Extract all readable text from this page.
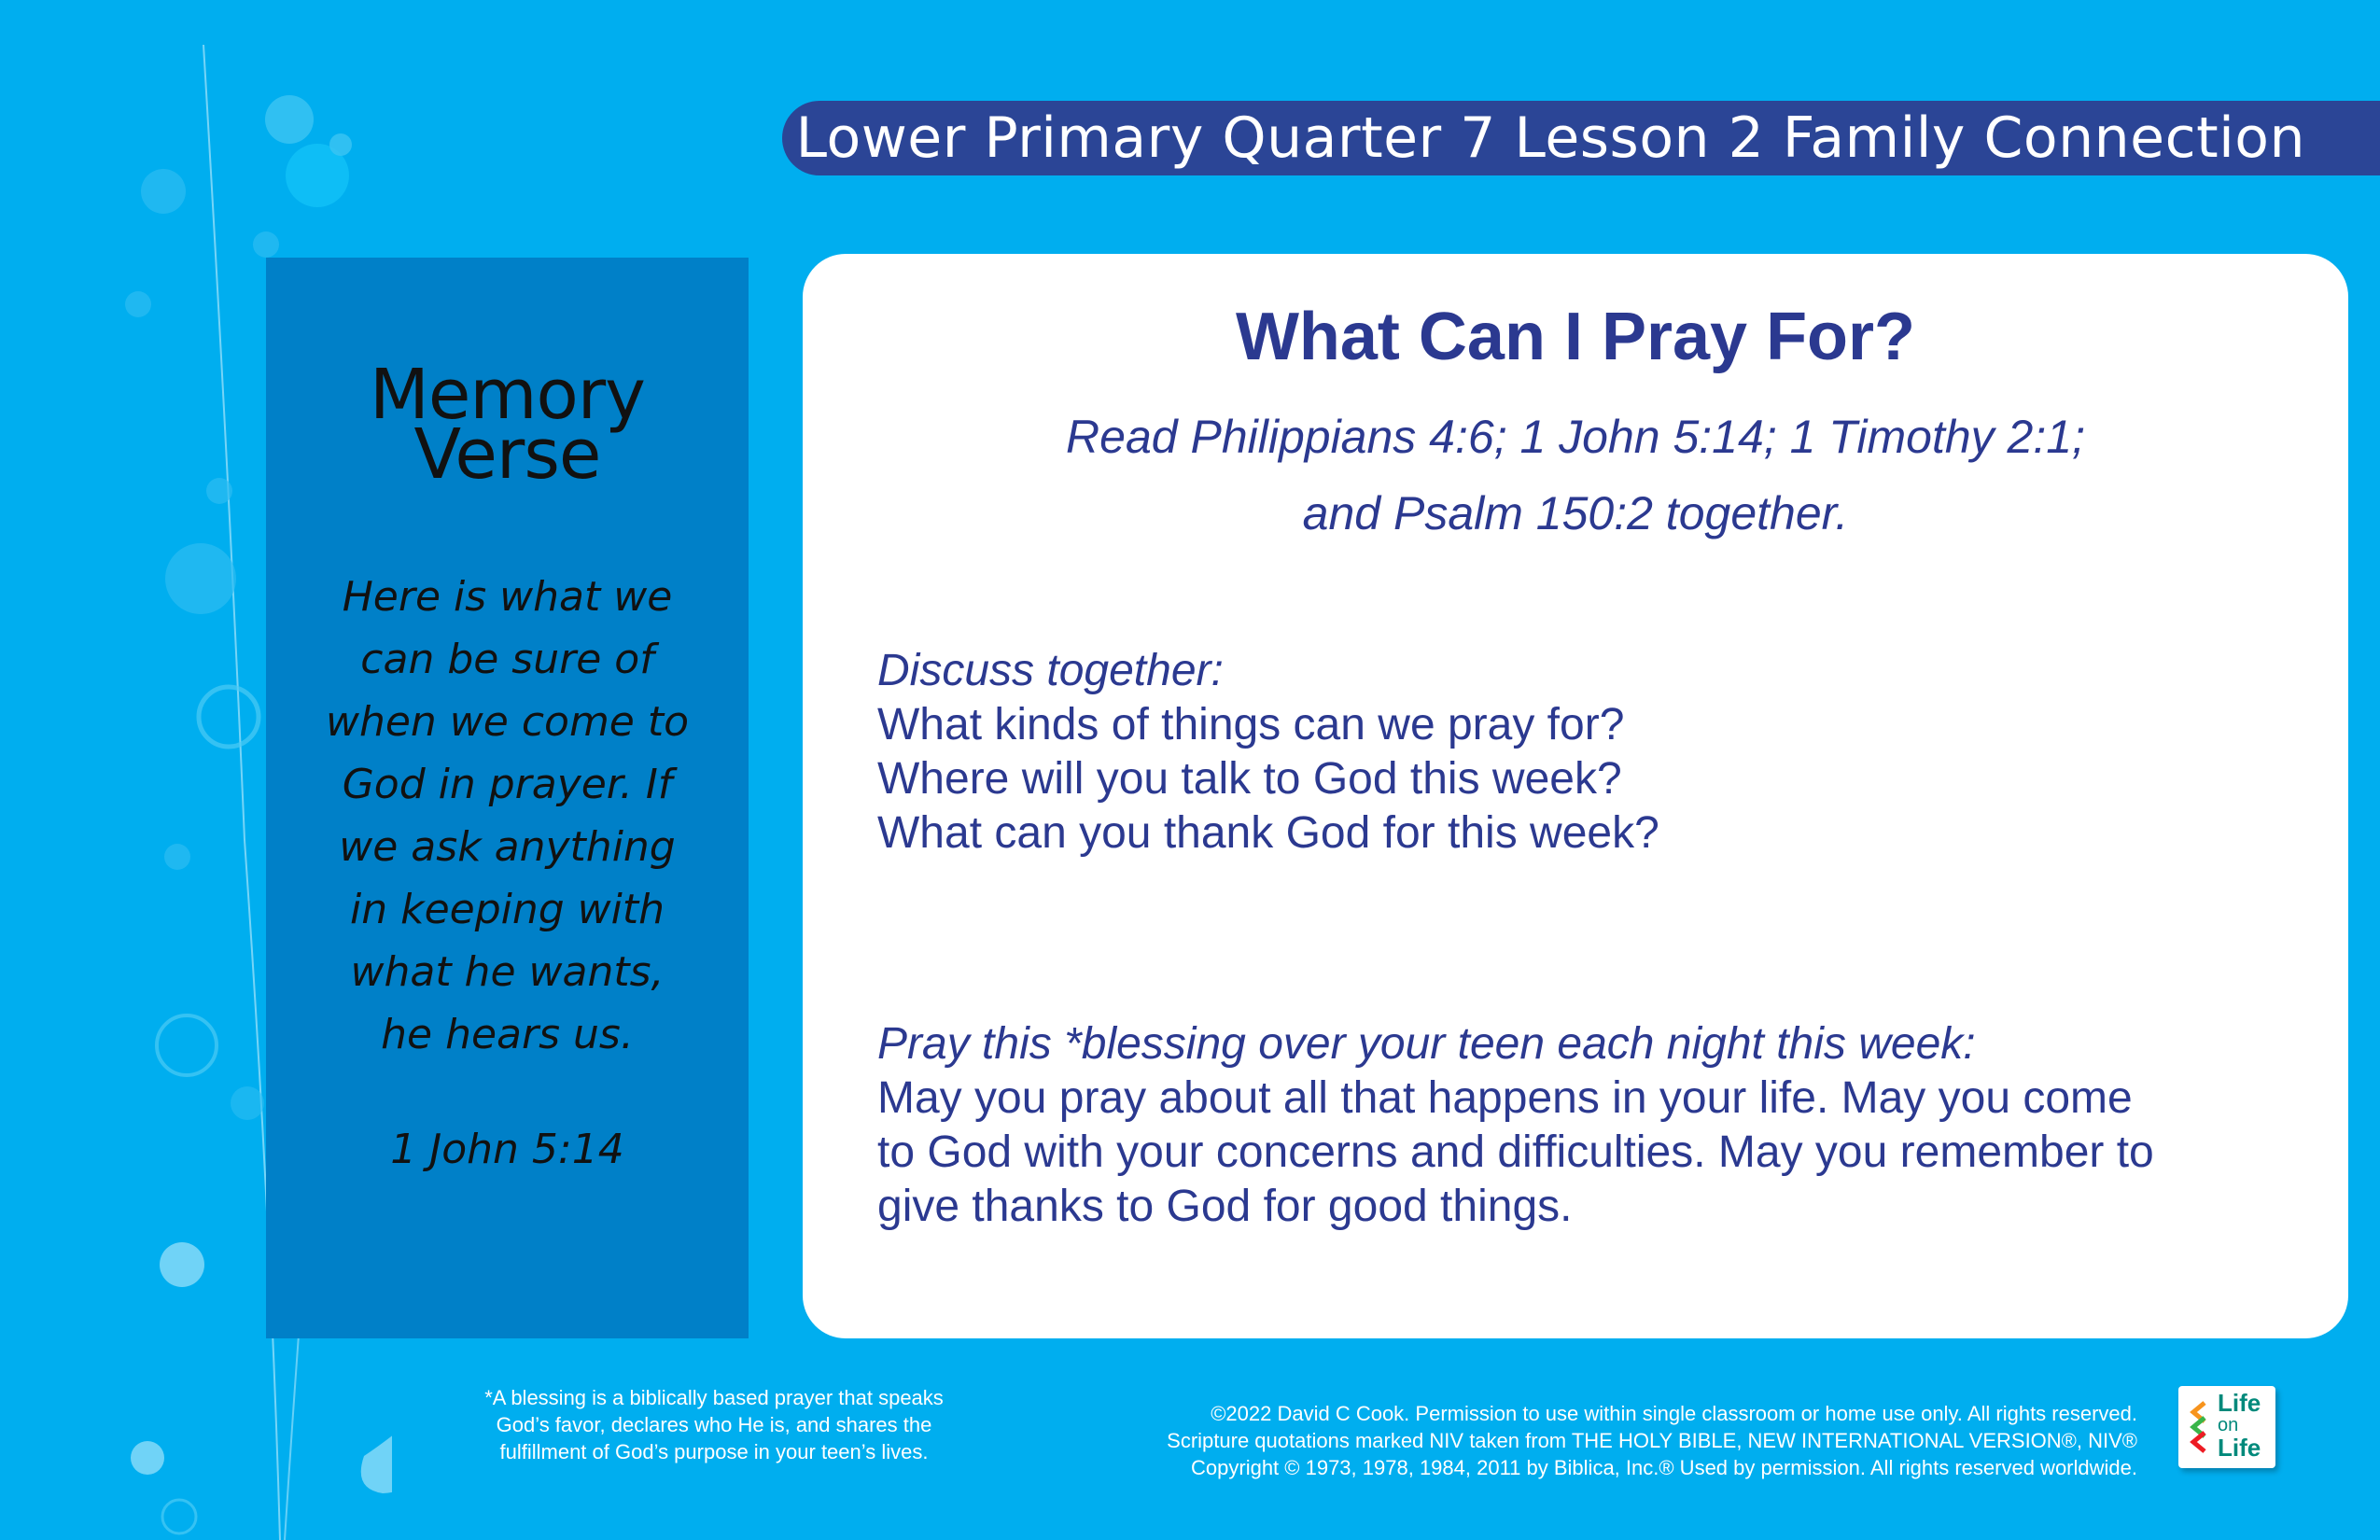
Lower Primary Quarter 7 Lesson 2 Family Connection
Memory
Verse
Here is what we
can be sure of
when we come to
God in prayer. If
we ask anything
in keeping with
what he wants,
he hears us.
1 John 5:14
What Can I Pray For?
Read Philippians 4:6; 1 John 5:14; 1 Timothy 2:1;
and Psalm 150:2 together.
Discuss together:
What kinds of things can we pray for?
Where will you talk to God this week?
What can you thank God for this week?
Pray this *blessing over your teen each night this week:
May you pray about all that happens in your life. May you come
to God with your concerns and difficulties. May you remember to
give thanks to God for good things.
*A blessing is a biblically based prayer that speaks
God’s favor, declares who He is, and shares the
fulfillment of God’s purpose in your teen’s lives.
©2022 David C Cook. Permission to use within single classroom or home use only. All rights reserved.
Scripture quotations marked NIV taken from THE HOLY BIBLE, NEW INTERNATIONAL VERSION®, NIV®
Copyright © 1973, 1978, 1984, 2011 by Biblica, Inc.® Used by permission. All rights reserved worldwide.
Life
on
Life
